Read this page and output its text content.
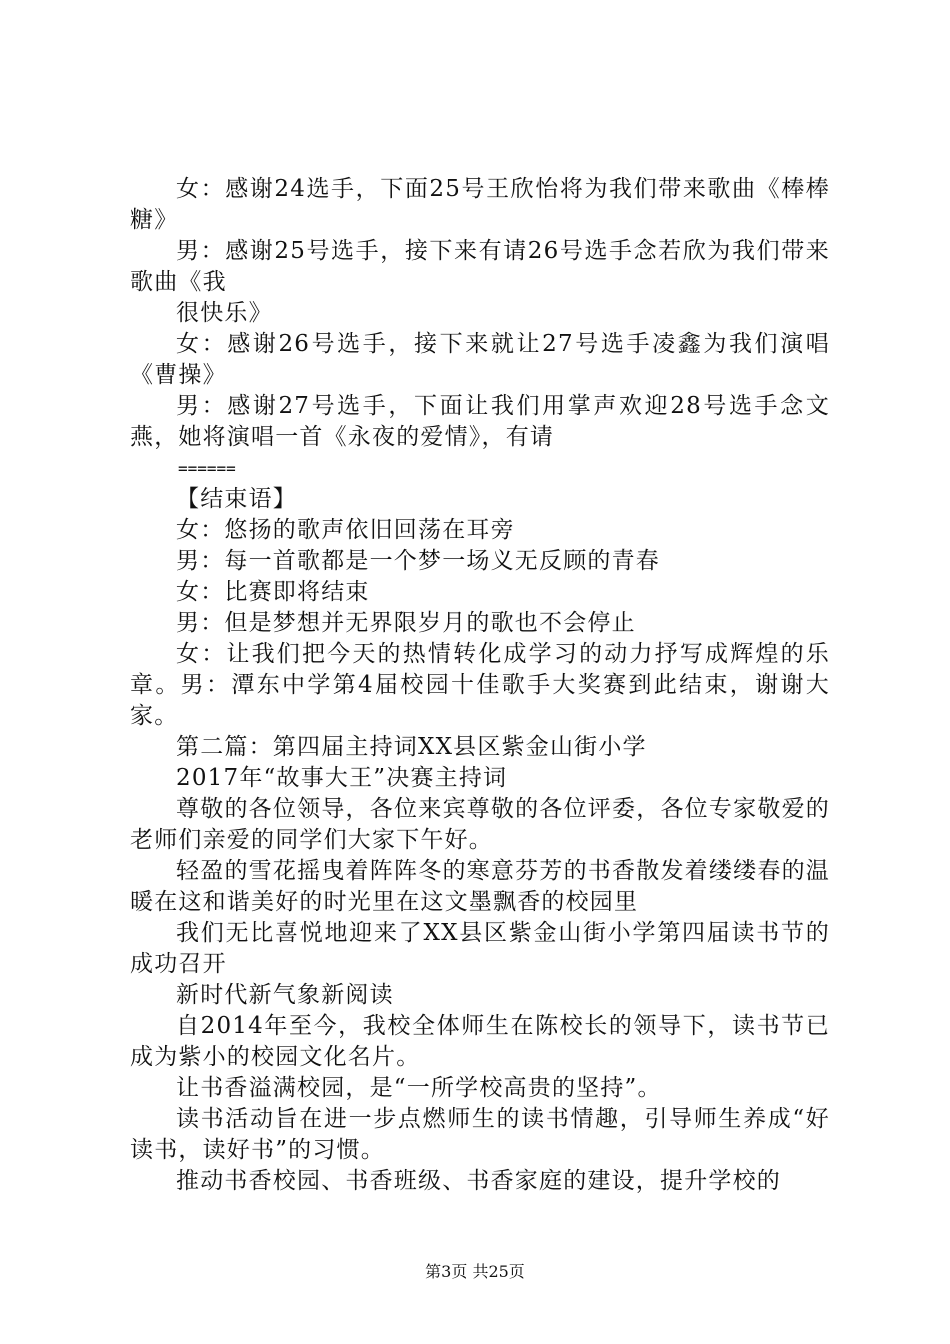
女：感谢24选手，下面25号王欣怡将为我们带来歌曲《棒棒糖》

男：感谢25号选手，接下来有请26号选手念若欣为我们带来歌曲《我

很快乐》

女：感谢26号选手，接下来就让27号选手凌鑫为我们演唱《曹操》

男：感谢27号选手，下面让我们用掌声欢迎28号选手念文燕，她将演唱一首《永夜的爱情》，有请

======

【结束语】

女：悠扬的歌声依旧回荡在耳旁

男：每一首歌都是一个梦一场义无反顾的青春

女：比赛即将结束

男：但是梦想并无界限岁月的歌也不会停止

女：让我们把今天的热情转化成学习的动力抒写成辉煌的乐章。男：潭东中学第4届校园十佳歌手大奖赛到此结束，谢谢大家。

第二篇：第四届主持词XX县区紫金山街小学

2017年“故事大王”决赛主持词

尊敬的各位领导，各位来宾尊敬的各位评委，各位专家敬爱的老师们亲爱的同学们大家下午好。

轻盈的雪花摇曳着阵阵冬的寒意芬芳的书香散发着缕缕春的温暖在这和谐美好的时光里在这文墨飘香的校园里

我们无比喜悦地迎来了XX县区紫金山街小学第四届读书节的成功召开

新时代新气象新阅读

自2014年至今，我校全体师生在陈校长的领导下，读书节已成为紫小的校园文化名片。

让书香溢满校园，是“一所学校高贵的坚持”。

读书活动旨在进一步点燃师生的读书情趣，引导师生养成“好读书，读好书”的习惯。

推动书香校园、书香班级、书香家庭的建设，提升学校的

第3页 共25页
